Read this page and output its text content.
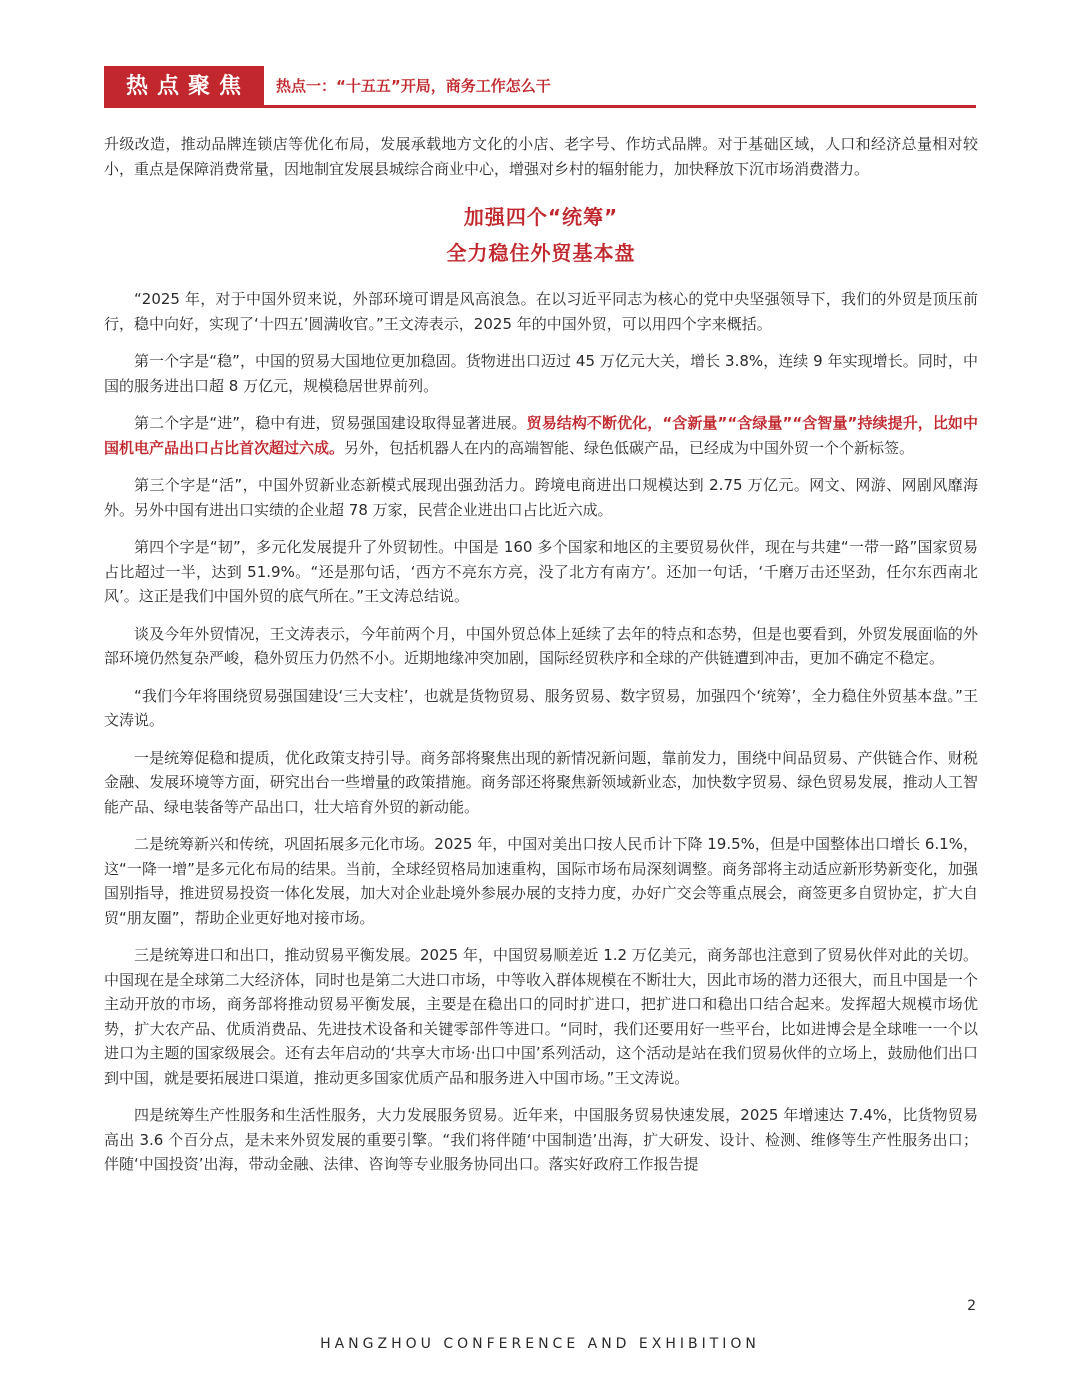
热点聚焦	热点一：“十五五”开局，商务工作怎么干

升级改造，推动品牌连锁店等优化布局，发展承载地方文化的小店、老字号、作坊式品牌。对于基础区域，人口和经济总量相对较小，重点是保障消费常量，因地制宜发展县城综合商业中心，增强对乡村的辐射能力，加快释放下沉市场消费潜力。

加强四个“统筹”
全力稳住外贸基本盘

“2025 年，对于中国外贸来说，外部环境可谓是风高浪急。在以习近平同志为核心的党中央坚强领导下，我们的外贸是顶压前行，稳中向好，实现了‘十四五’圆满收官。”王文涛表示，2025 年的中国外贸，可以用四个字来概括。

第一个字是“稳”，中国的贸易大国地位更加稳固。货物进出口迈过 45 万亿元大关，增长 3.8%，连续 9 年实现增长。同时，中国的服务进出口超 8 万亿元，规模稳居世界前列。

第二个字是“进”，稳中有进，贸易强国建设取得显著进展。贸易结构不断优化，“含新量”“含绿量”“含智量”持续提升，比如中国机电产品出口占比首次超过六成。另外，包括机器人在内的高端智能、绿色低碳产品，已经成为中国外贸一个个新标签。

第三个字是“活”，中国外贸新业态新模式展现出强劲活力。跨境电商进出口规模达到 2.75 万亿元。网文、网游、网剧风靡海外。另外中国有进出口实绩的企业超 78 万家，民营企业进出口占比近六成。

第四个字是“韧”，多元化发展提升了外贸韧性。中国是 160 多个国家和地区的主要贸易伙伴，现在与共建“一带一路”国家贸易占比超过一半，达到 51.9%。“还是那句话，‘西方不亮东方亮，没了北方有南方’。还加一句话，‘千磨万击还坚劲，任尔东西南北风’。这正是我们中国外贸的底气所在。”王文涛总结说。

谈及今年外贸情况，王文涛表示，今年前两个月，中国外贸总体上延续了去年的特点和态势，但是也要看到，外贸发展面临的外部环境仍然复杂严峻，稳外贸压力仍然不小。近期地缘冲突加剧，国际经贸秩序和全球的产供链遭到冲击，更加不确定不稳定。

“我们今年将围绕贸易强国建设‘三大支柱’，也就是货物贸易、服务贸易、数字贸易，加强四个‘统筹’，全力稳住外贸基本盘。”王文涛说。

一是统筹促稳和提质，优化政策支持引导。商务部将聚焦出现的新情况新问题，靠前发力，围绕中间品贸易、产供链合作、财税金融、发展环境等方面，研究出台一些增量的政策措施。商务部还将聚焦新领域新业态，加快数字贸易、绿色贸易发展，推动人工智能产品、绿电装备等产品出口，壮大培育外贸的新动能。

二是统筹新兴和传统，巩固拓展多元化市场。2025 年，中国对美出口按人民币计下降 19.5%，但是中国整体出口增长 6.1%，这“一降一增”是多元化布局的结果。当前，全球经贸格局加速重构，国际市场布局深刻调整。商务部将主动适应新形势新变化，加强国别指导，推进贸易投资一体化发展，加大对企业赴境外参展办展的支持力度，办好广交会等重点展会，商签更多自贸协定，扩大自贸“朋友圈”，帮助企业更好地对接市场。

三是统筹进口和出口，推动贸易平衡发展。2025 年，中国贸易顺差近 1.2 万亿美元，商务部也注意到了贸易伙伴对此的关切。中国现在是全球第二大经济体，同时也是第二大进口市场，中等收入群体规模在不断壮大，因此市场的潜力还很大，而且中国是一个主动开放的市场，商务部将推动贸易平衡发展，主要是在稳出口的同时扩进口，把扩进口和稳出口结合起来。发挥超大规模市场优势，扩大农产品、优质消费品、先进技术设备和关键零部件等进口。“同时，我们还要用好一些平台，比如进博会是全球唯一一个以进口为主题的国家级展会。还有去年启动的‘共享大市场·出口中国’系列活动，这个活动是站在我们贸易伙伴的立场上，鼓励他们出口到中国，就是要拓展进口渠道，推动更多国家优质产品和服务进入中国市场。”王文涛说。

四是统筹生产性服务和生活性服务，大力发展服务贸易。近年来，中国服务贸易快速发展，2025 年增速达 7.4%，比货物贸易高出 3.6 个百分点，是未来外贸发展的重要引擎。“我们将伴随‘中国制造’出海，扩大研发、设计、检测、维修等生产性服务出口；伴随‘中国投资’出海，带动金融、法律、咨询等专业服务协同出口。落实好政府工作报告提

2
HANGZHOU CONFERENCE AND EXHIBITION
